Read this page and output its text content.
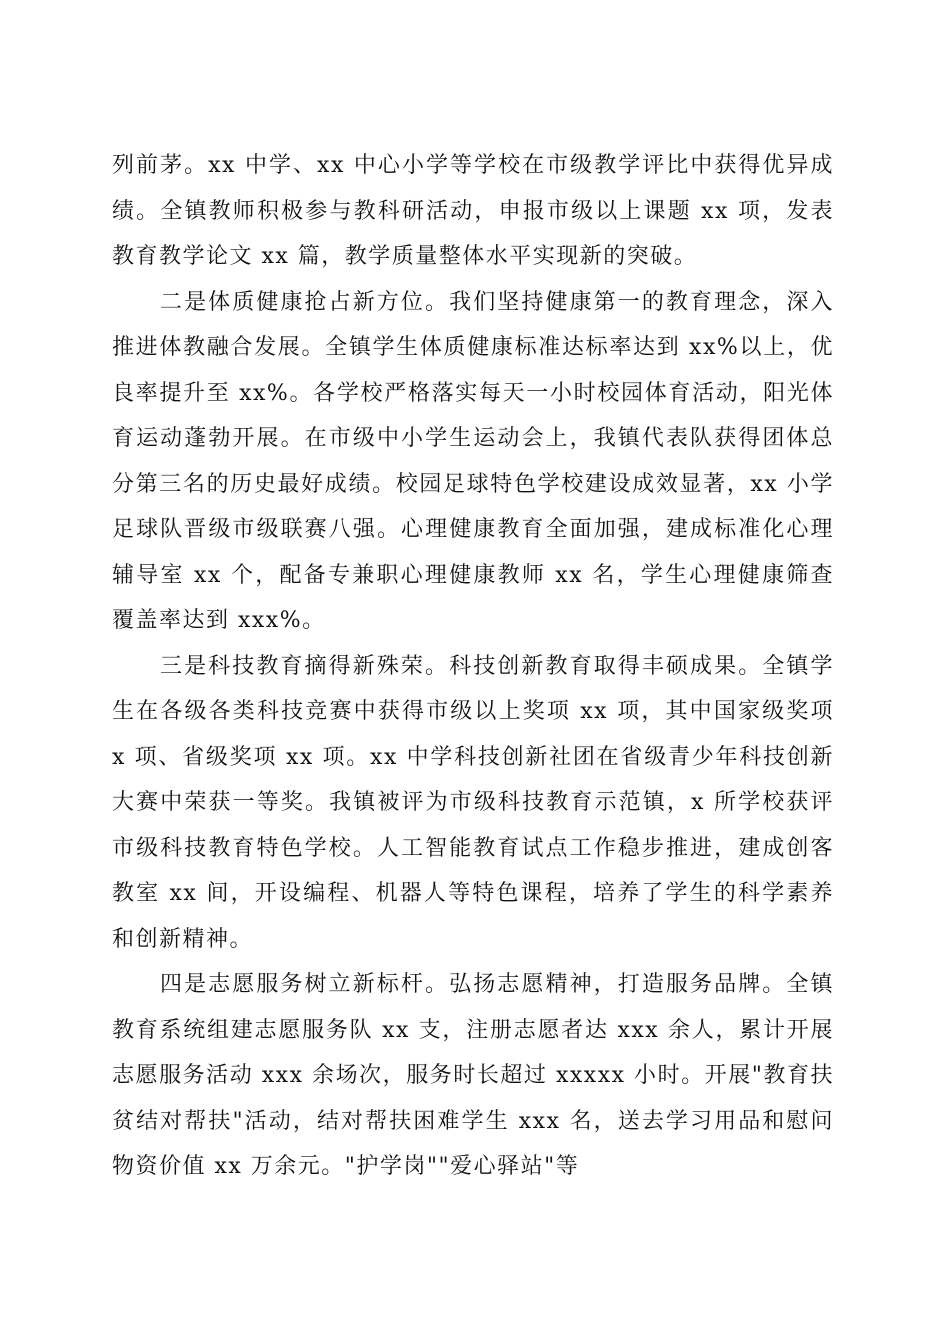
列前茅。xx 中学、xx 中心小学等学校在市级教学评比中获得优异成绩。全镇教师积极参与教科研活动，申报市级以上课题 xx 项，发表教育教学论文 xx 篇，教学质量整体水平实现新的突破。

二是体质健康抢占新方位。我们坚持健康第一的教育理念，深入推进体教融合发展。全镇学生体质健康标准达标率达到 xx%以上，优良率提升至 xx%。各学校严格落实每天一小时校园体育活动，阳光体育运动蓬勃开展。在市级中小学生运动会上，我镇代表队获得团体总分第三名的历史最好成绩。校园足球特色学校建设成效显著，xx 小学足球队晋级市级联赛八强。心理健康教育全面加强，建成标准化心理辅导室 xx 个，配备专兼职心理健康教师 xx 名，学生心理健康筛查覆盖率达到 xxx%。

三是科技教育摘得新殊荣。科技创新教育取得丰硕成果。全镇学生在各级各类科技竞赛中获得市级以上奖项 xx 项，其中国家级奖项 x 项、省级奖项 xx 项。xx 中学科技创新社团在省级青少年科技创新大赛中荣获一等奖。我镇被评为市级科技教育示范镇，x 所学校获评市级科技教育特色学校。人工智能教育试点工作稳步推进，建成创客教室 xx 间，开设编程、机器人等特色课程，培养了学生的科学素养和创新精神。

四是志愿服务树立新标杆。弘扬志愿精神，打造服务品牌。全镇教育系统组建志愿服务队 xx 支，注册志愿者达 xxx 余人，累计开展志愿服务活动 xxx 余场次，服务时长超过 xxxxx 小时。开展"教育扶贫结对帮扶"活动，结对帮扶困难学生 xxx 名，送去学习用品和慰问物资价值 xx 万余元。"护学岗""爱心驿站"等
